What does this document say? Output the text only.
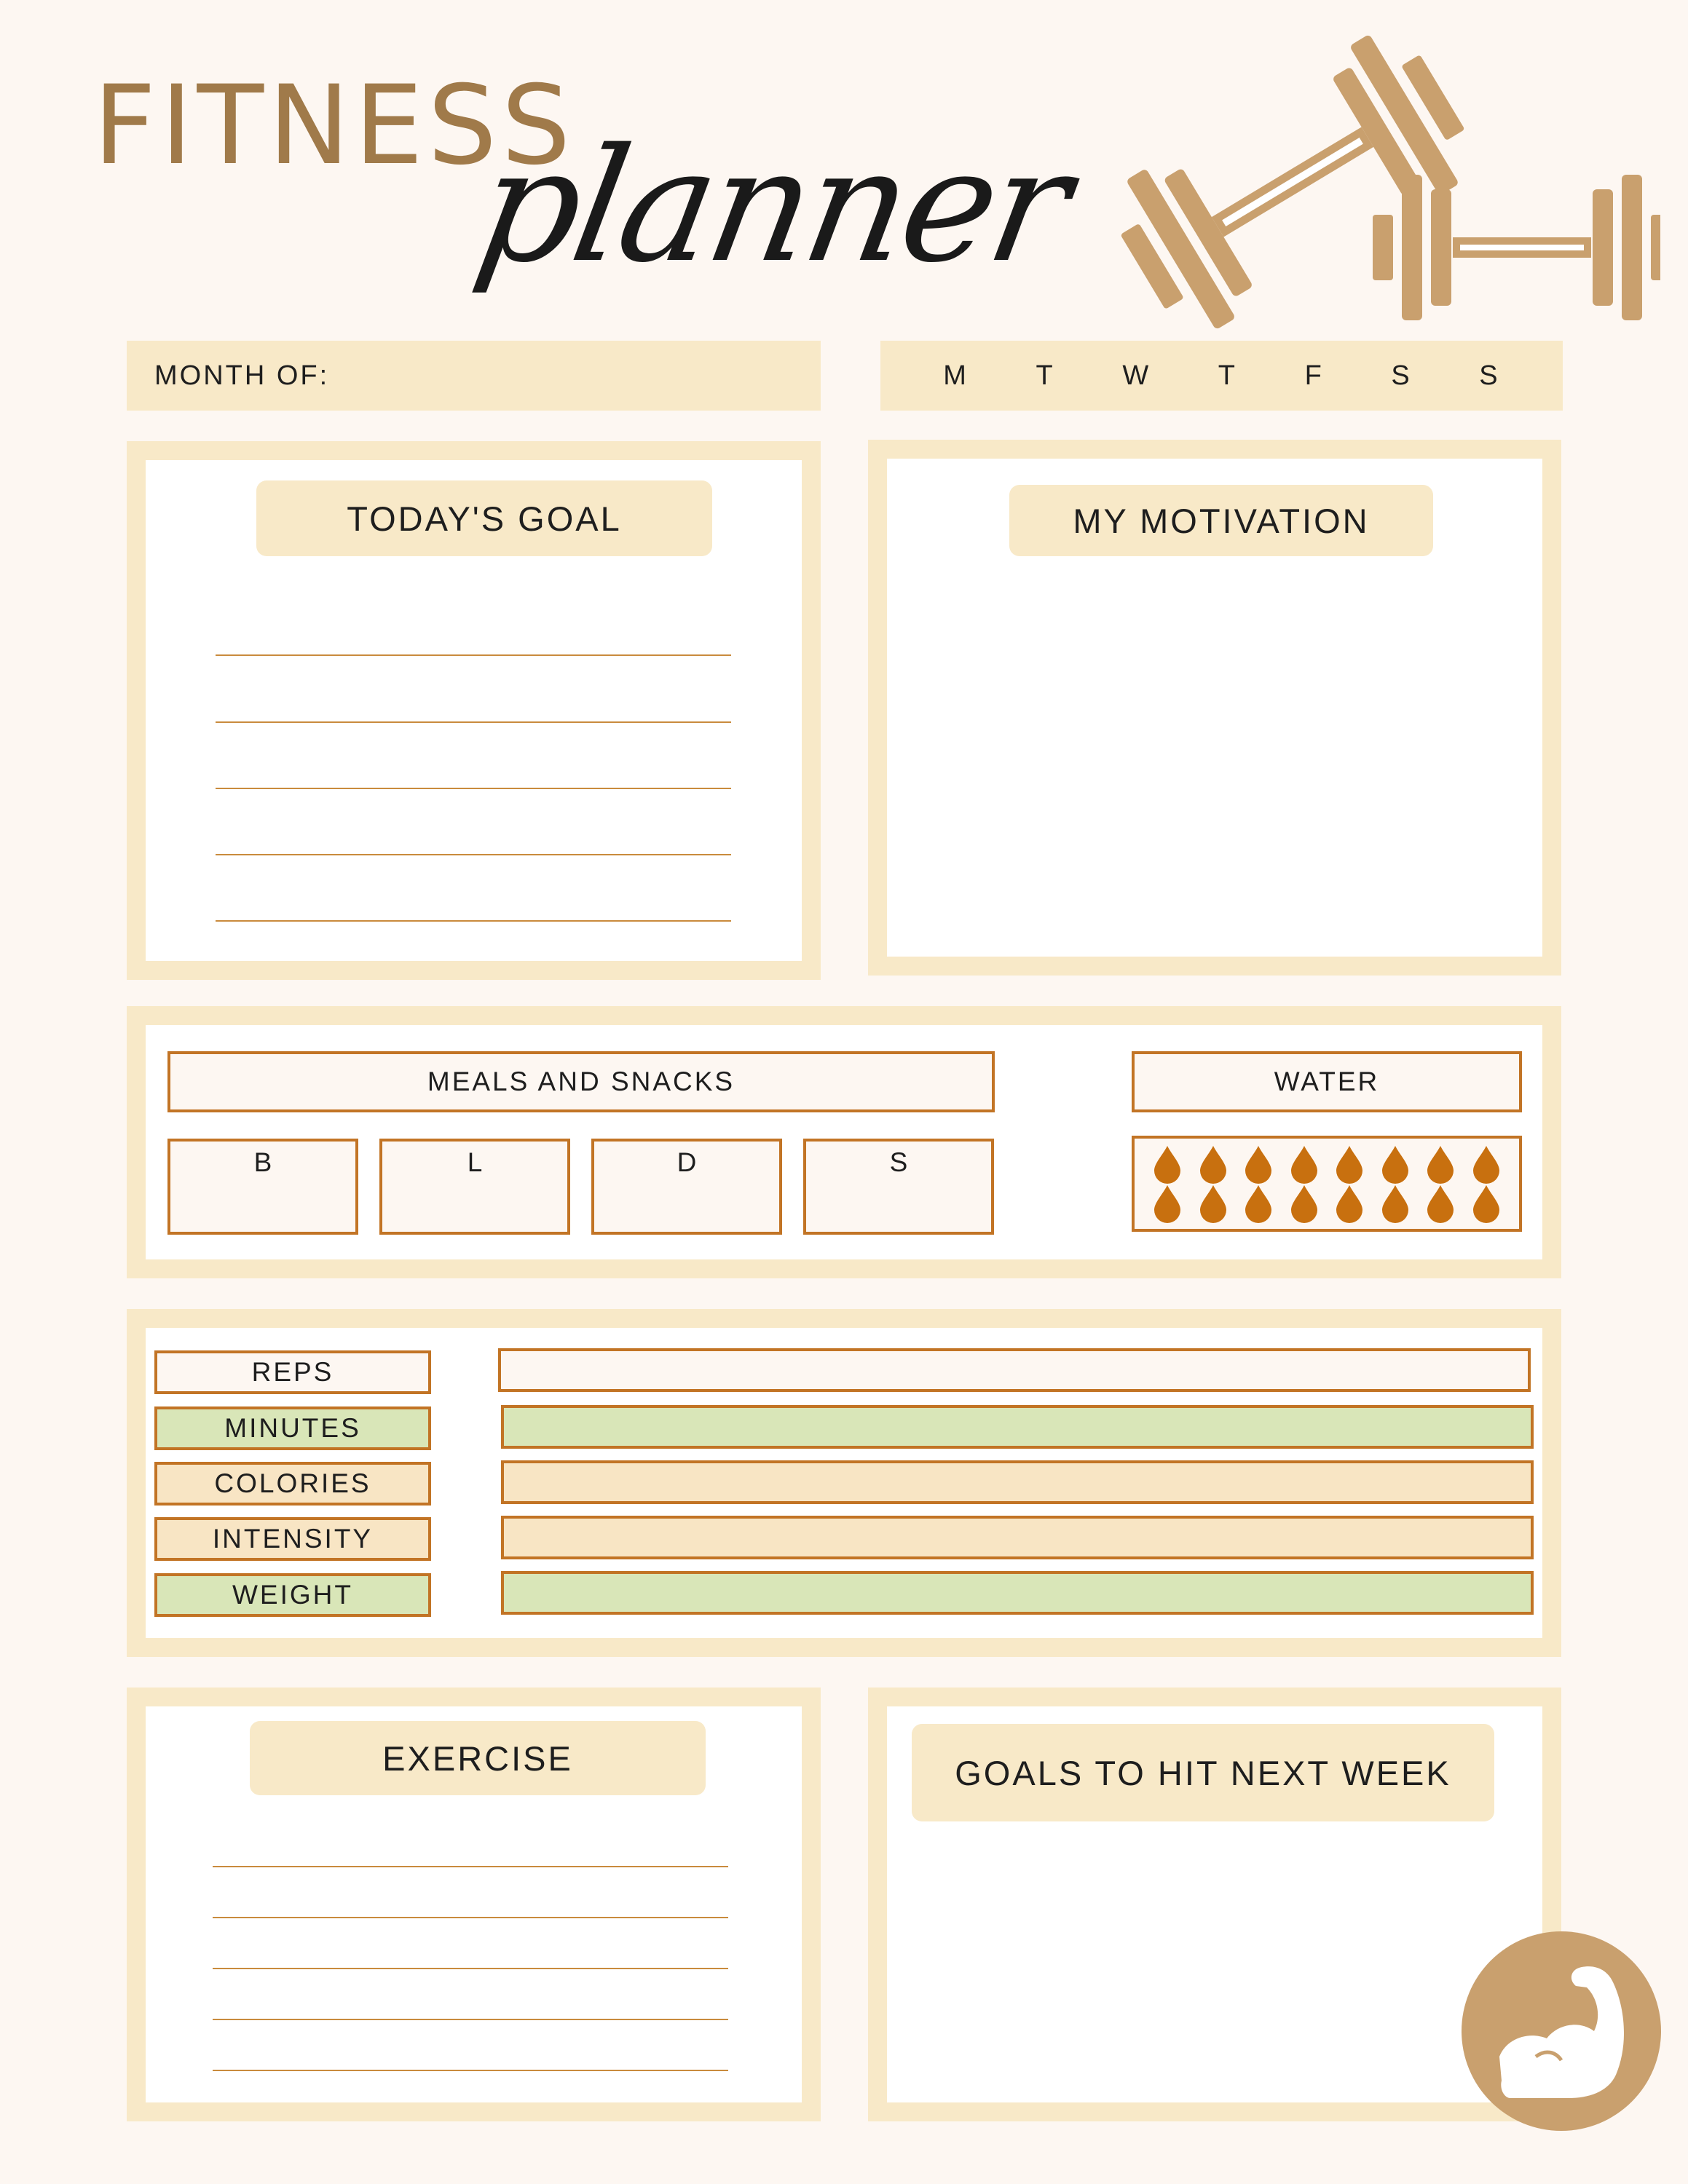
FITNESS
planner
MONTH OF:	M T W T F S S
TODAY'S GOAL	MY MOTIVATION
MEALS AND SNACKS
B	L	D	S
WATER
REPS
MINUTES
COLORIES
INTENSITY
WEIGHT
EXERCISE	GOALS TO HIT NEXT WEEK
